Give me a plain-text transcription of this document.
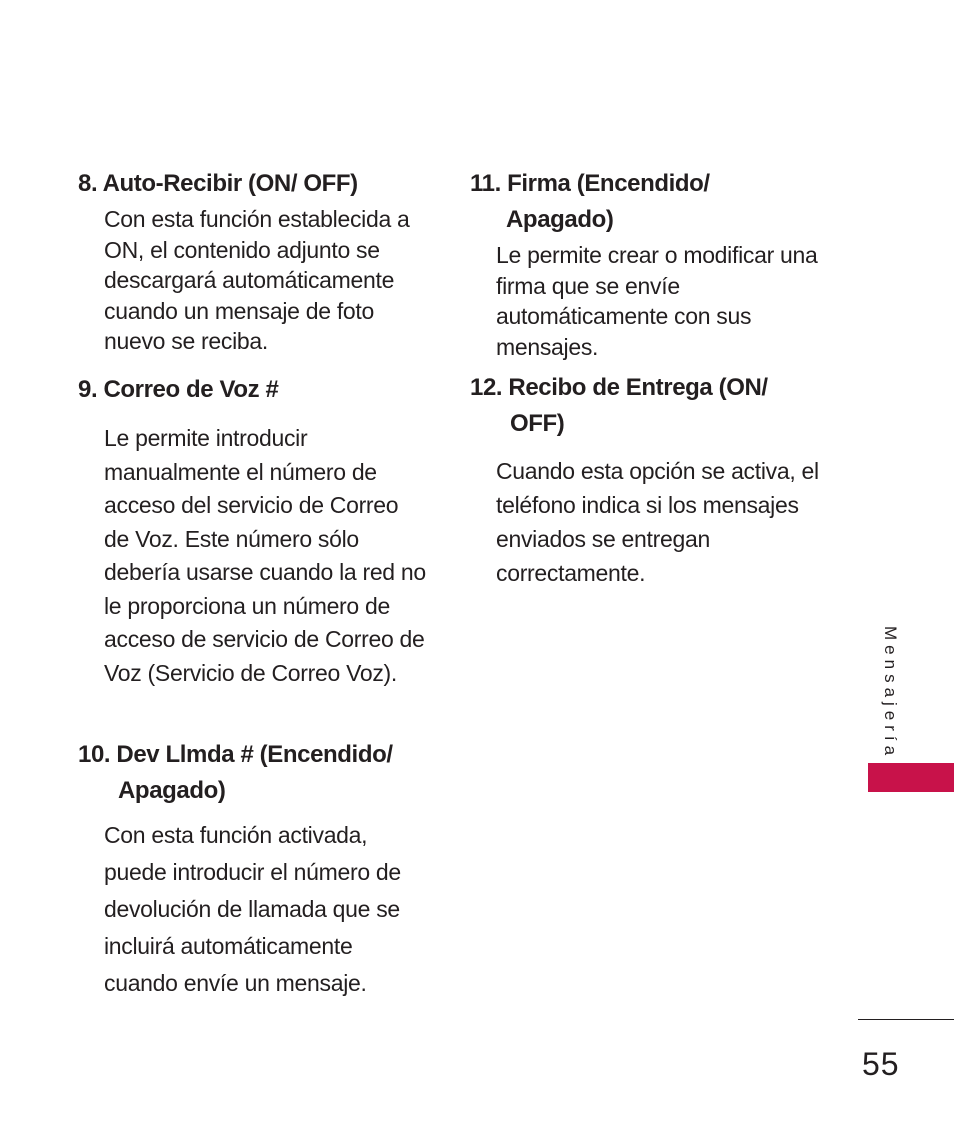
8. Auto-Recibir (ON/ OFF)

Con esta función establecida a ON, el contenido adjunto se descargará automáticamente cuando un mensaje de foto nuevo se reciba.

9. Correo de Voz #

Le permite introducir manualmente el número de acceso del servicio de Correo de Voz. Este número sólo debería usarse cuando la red no le proporciona un número de acceso de servicio de Correo de Voz (Servicio de Correo Voz).

10. Dev Llmda # (Encendido/
Apagado)

Con esta función activada, puede introducir el número de devolución de llamada que se incluirá automáticamente cuando envíe un mensaje.

11. Firma (Encendido/
Apagado)

Le permite crear o modificar una firma que se envíe automáticamente con sus mensajes.

12. Recibo de Entrega (ON/
OFF)

Cuando esta opción se activa, el teléfono indica si los mensajes enviados se entregan correctamente.

Mensajería
55
